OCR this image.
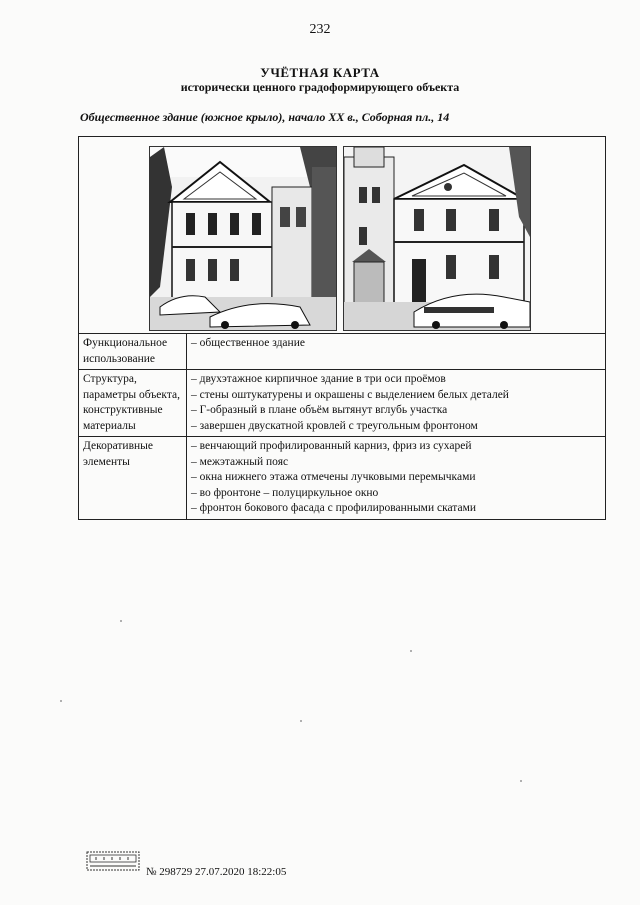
232
УЧЁТНАЯ КАРТА
исторически ценного градоформирующего объекта
Общественное здание (южное крыло), начало XX в., Соборная пл., 14

Функциональное использование	– общественное здание

Структура, параметры объекта, конструктивные материалы	– двухэтажное кирпичное здание в три оси проёмов

– стены оштукатурены и окрашены с выделением белых деталей

– Г-образный в плане объём вытянут вглубь участка

– завершен двускатной кровлей с треугольным фронтоном

Декоративные элементы	– венчающий профилированный карниз, фриз из сухарей

– межэтажный пояс

– окна нижнего этажа отмечены лучковыми перемычками

– во фронтоне – полуциркульное окно

– фронтон бокового фасада с профилированными скатами

№ 298729 27.07.2020 18:22:05
